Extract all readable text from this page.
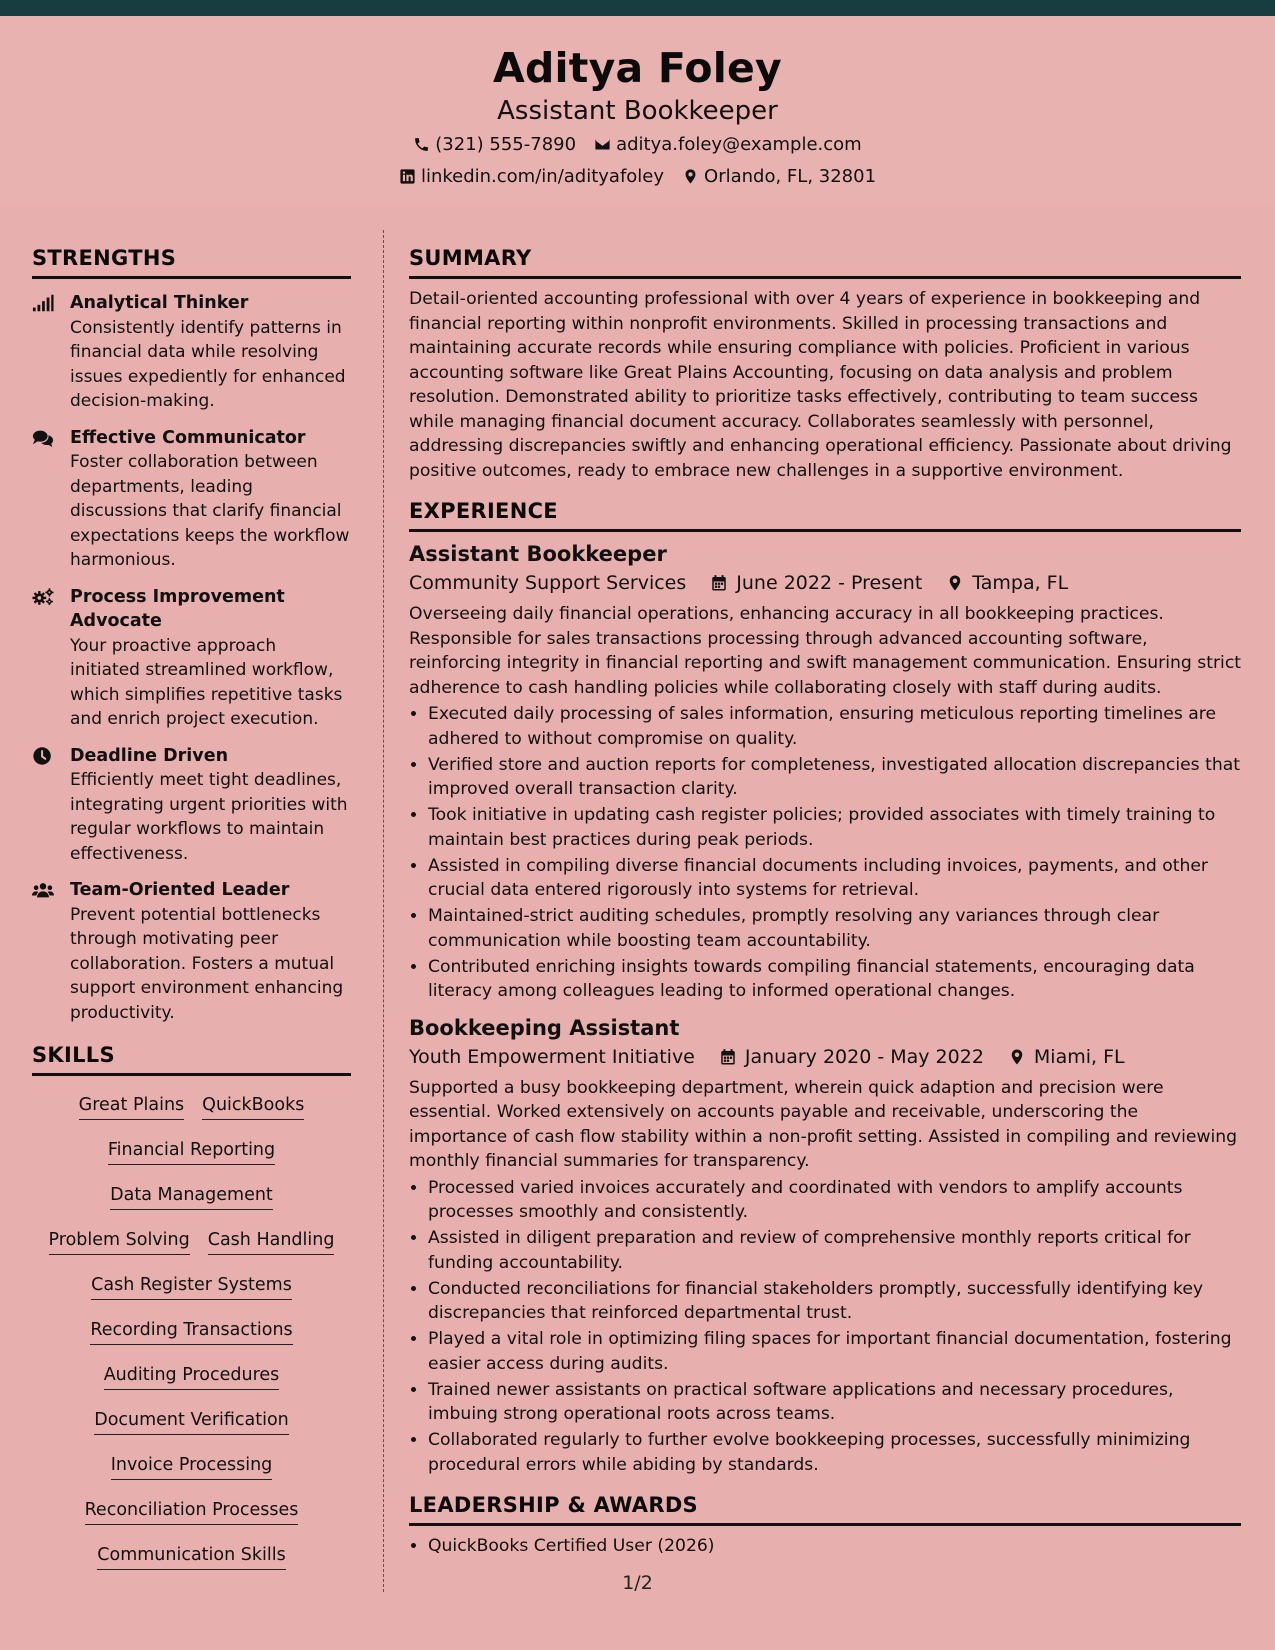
Aditya Foley
Assistant Bookkeeper
(321) 555-7890 aditya.foley@example.com
linkedin.com/in/adityafoley Orlando, FL, 32801
STRENGTHS
Analytical Thinker
Consistently identify patterns in financial data while resolving issues expediently for enhanced decision-making.
Effective Communicator
Foster collaboration between departments, leading discussions that clarify financial expectations keeps the workflow harmonious.
Process Improvement Advocate
Your proactive approach initiated streamlined workflow, which simplifies repetitive tasks and enrich project execution.
Deadline Driven
Efficiently meet tight deadlines, integrating urgent priorities with regular workflows to maintain effectiveness.
Team-Oriented Leader
Prevent potential bottlenecks through motivating peer collaboration. Fosters a mutual support environment enhancing productivity.
SKILLS
Great Plains QuickBooks
Financial Reporting
Data Management
Problem Solving Cash Handling
Cash Register Systems
Recording Transactions
Auditing Procedures
Document Verification
Invoice Processing
Reconciliation Processes
Communication Skills
SUMMARY

Detail-oriented accounting professional with over 4 years of experience in bookkeeping and financial reporting within nonprofit environments. Skilled in processing transactions and maintaining accurate records while ensuring compliance with policies. Proficient in various accounting software like Great Plains Accounting, focusing on data analysis and problem resolution. Demonstrated ability to prioritize tasks effectively, contributing to team success while managing financial document accuracy. Collaborates seamlessly with personnel, addressing discrepancies swiftly and enhancing operational efficiency. Passionate about driving positive outcomes, ready to embrace new challenges in a supportive environment.

EXPERIENCE
Assistant Bookkeeper
Community Support Services	June 2022 - Present	Tampa, FL

Overseeing daily financial operations, enhancing accuracy in all bookkeeping practices. Responsible for sales transactions processing through advanced accounting software, reinforcing integrity in financial reporting and swift management communication. Ensuring strict adherence to cash handling policies while collaborating closely with staff during audits.

• Executed daily processing of sales information, ensuring meticulous reporting timelines are adhered to without compromise on quality.
• Verified store and auction reports for completeness, investigated allocation discrepancies that improved overall transaction clarity.
• Took initiative in updating cash register policies; provided associates with timely training to maintain best practices during peak periods.
• Assisted in compiling diverse financial documents including invoices, payments, and other crucial data entered rigorously into systems for retrieval.
• Maintained-strict auditing schedules, promptly resolving any variances through clear communication while boosting team accountability.
• Contributed enriching insights towards compiling financial statements, encouraging data literacy among colleagues leading to informed operational changes.
Bookkeeping Assistant
Youth Empowerment Initiative	January 2020 - May 2022	Miami, FL

Supported a busy bookkeeping department, wherein quick adaption and precision were essential. Worked extensively on accounts payable and receivable, underscoring the importance of cash flow stability within a non-profit setting. Assisted in compiling and reviewing monthly financial summaries for transparency.

• Processed varied invoices accurately and coordinated with vendors to amplify accounts processes smoothly and consistently.
• Assisted in diligent preparation and review of comprehensive monthly reports critical for funding accountability.
• Conducted reconciliations for financial stakeholders promptly, successfully identifying key discrepancies that reinforced departmental trust.
• Played a vital role in optimizing filing spaces for important financial documentation, fostering easier access during audits.
• Trained newer assistants on practical software applications and necessary procedures, imbuing strong operational roots across teams.
• Collaborated regularly to further evolve bookkeeping processes, successfully minimizing procedural errors while abiding by standards.
LEADERSHIP & AWARDS
• QuickBooks Certified User (2026)
1/2
